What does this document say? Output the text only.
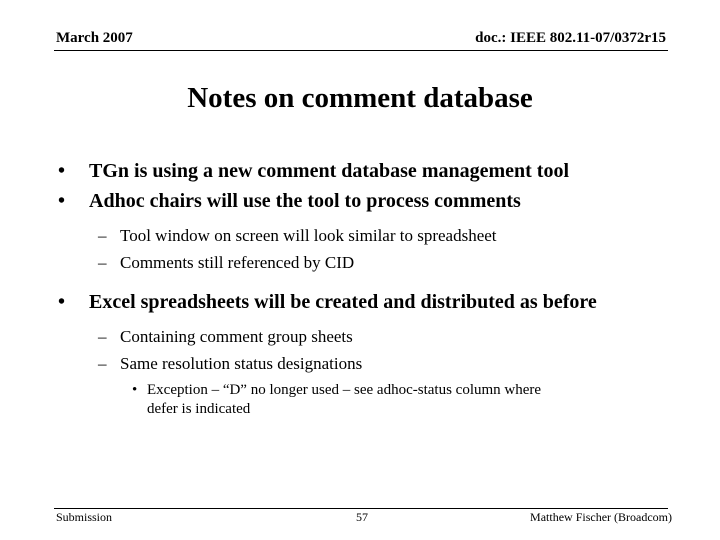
March 2007	doc.: IEEE 802.11-07/0372r15
Notes on comment database
• TGn is using a new comment database management tool
• Adhoc chairs will use the tool to process comments
– Tool window on screen will look similar to spreadsheet
– Comments still referenced by CID
• Excel spreadsheets will be created and distributed as before
– Containing comment group sheets
– Same resolution status designations
• Exception – “D” no longer used – see adhoc-status column where defer is indicated
Submission	57	Matthew Fischer (Broadcom)
